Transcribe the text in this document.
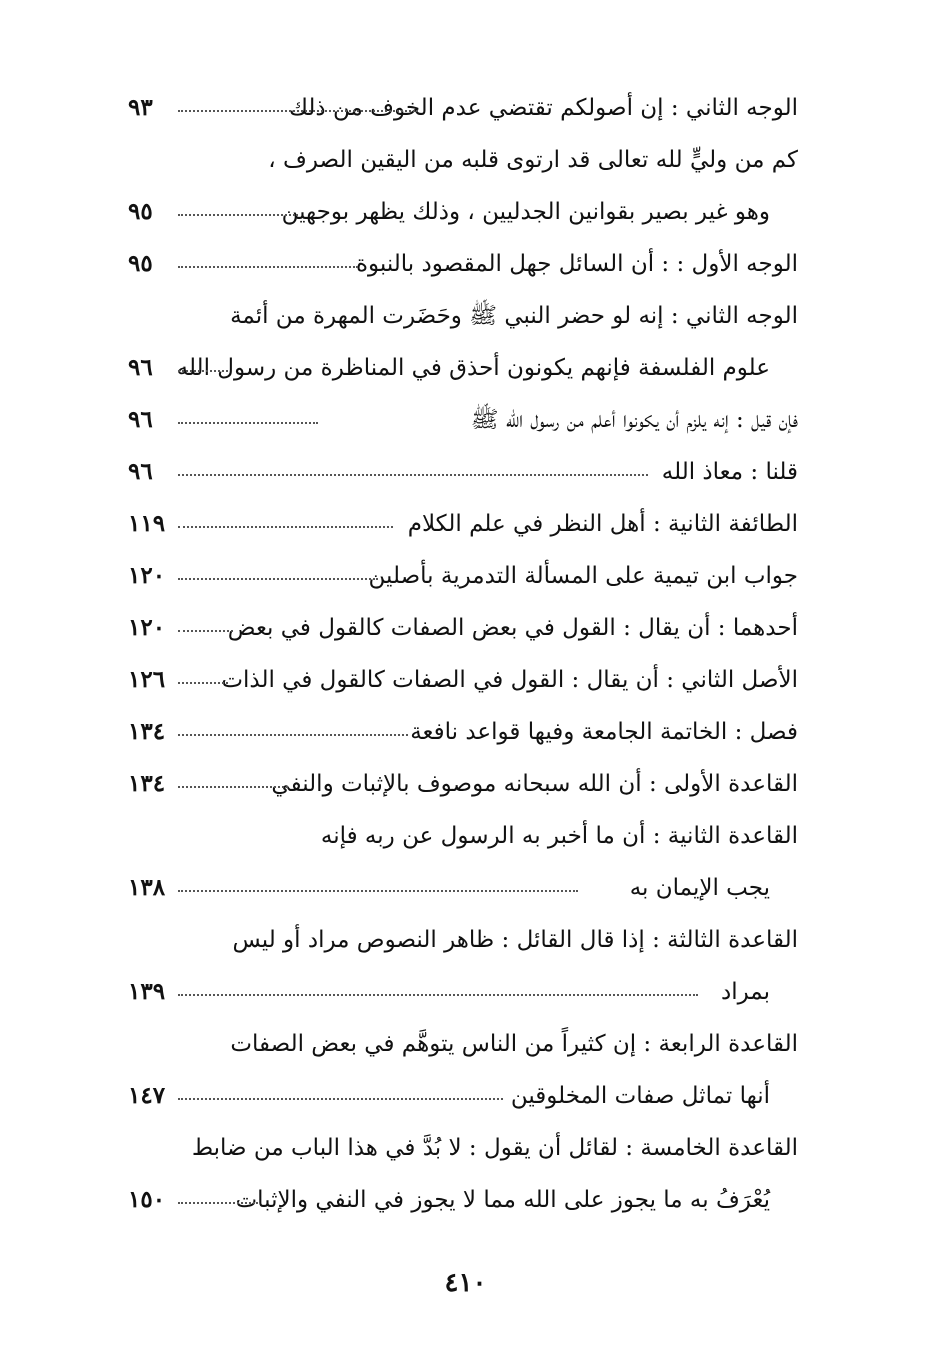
الوجه الثاني : إن أصولكم تقتضي عدم الخوف من ذلك
٩٣
كم من وليٍّ لله تعالى قد ارتوى قلبه من اليقين الصرف ،
وهو غير بصير بقوانين الجدليين ، وذلك يظهر بوجهين
٩٥
الوجه الأول : : أن السائل جهل المقصود بالنبوة
٩٥
الوجه الثاني : إنه لو حضر النبي ﷺ وحَضَرت المهرة من أئمة
علوم الفلسفة فإنهم يكونون أحذق في المناظرة من رسول الله
٩٦
فإن قيل : إنه يلزم أن يكونوا أعلم من رسول الله ﷺ
٩٦
قلنا : معاذ الله
٩٦
الطائفة الثانية : أهل النظر في علم الكلام
١١٩
جواب ابن تيمية على المسألة التدمرية بأصلين
١٢٠
أحدهما : أن يقال : القول في بعض الصفات كالقول في بعض
١٢٠
الأصل الثاني : أن يقال : القول في الصفات كالقول في الذات
١٢٦
فصل : الخاتمة الجامعة وفيها قواعد نافعة
١٣٤
القاعدة الأولى : أن الله سبحانه موصوف بالإثبات والنفي
١٣٤
القاعدة الثانية : أن ما أخبر به الرسول عن ربه فإنه
يجب الإيمان به
١٣٨
القاعدة الثالثة : إذا قال القائل : ظاهر النصوص مراد أو ليس
بمراد
١٣٩
القاعدة الرابعة : إن كثيراً من الناس يتوهَّم في بعض الصفات
أنها تماثل صفات المخلوقين
١٤٧
القاعدة الخامسة : لقائل أن يقول : لا بُدَّ في هذا الباب من ضابط
يُعْرَفُ به ما يجوز على الله مما لا يجوز في النفي والإثبات
١٥٠
٤١٠
